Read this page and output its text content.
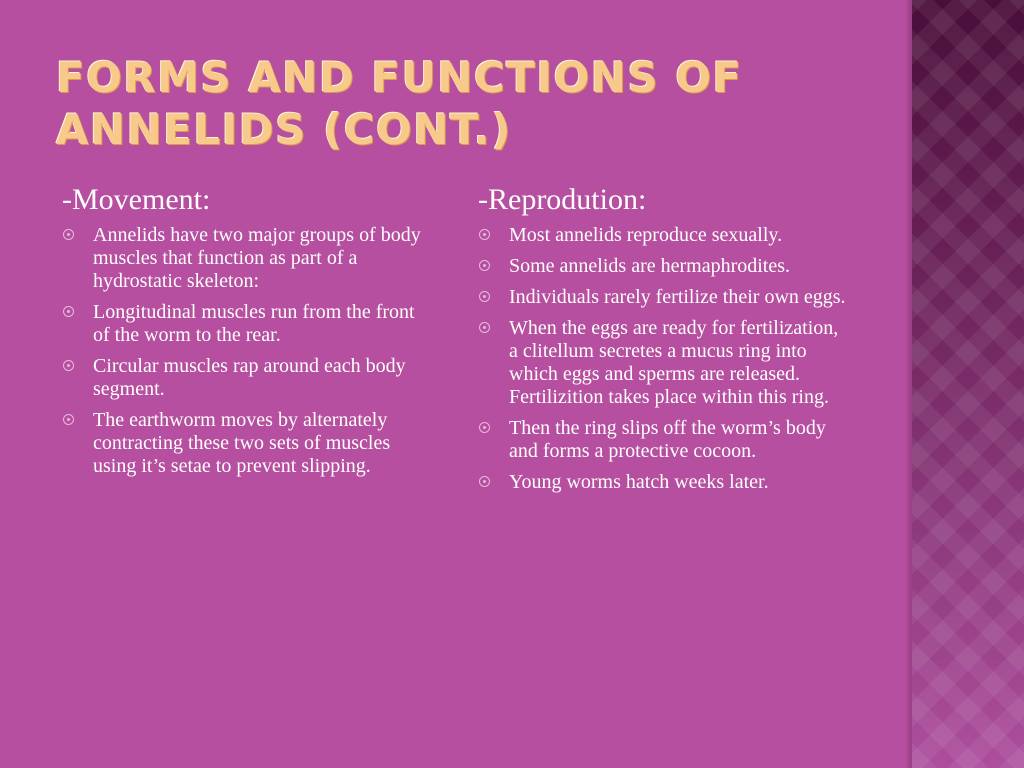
FORMS AND FUNCTIONS OF ANNELIDS (CONT.)
-Movement:
Annelids have two major groups of body muscles that function as part of a hydrostatic skeleton:
Longitudinal muscles run from the front of the worm to the rear.
Circular muscles rap around each body segment.
The earthworm moves by alternately contracting these two sets of muscles using it’s setae to prevent slipping.
-Reprodution:
Most annelids reproduce sexually.
Some annelids are hermaphrodites.
Individuals rarely fertilize their own eggs.
When the eggs are ready for fertilization, a clitellum secretes a mucus ring into which eggs and sperms are released. Fertilizition takes place within this ring.
Then the ring slips off the worm’s body and forms a protective cocoon.
Young worms hatch weeks later.
